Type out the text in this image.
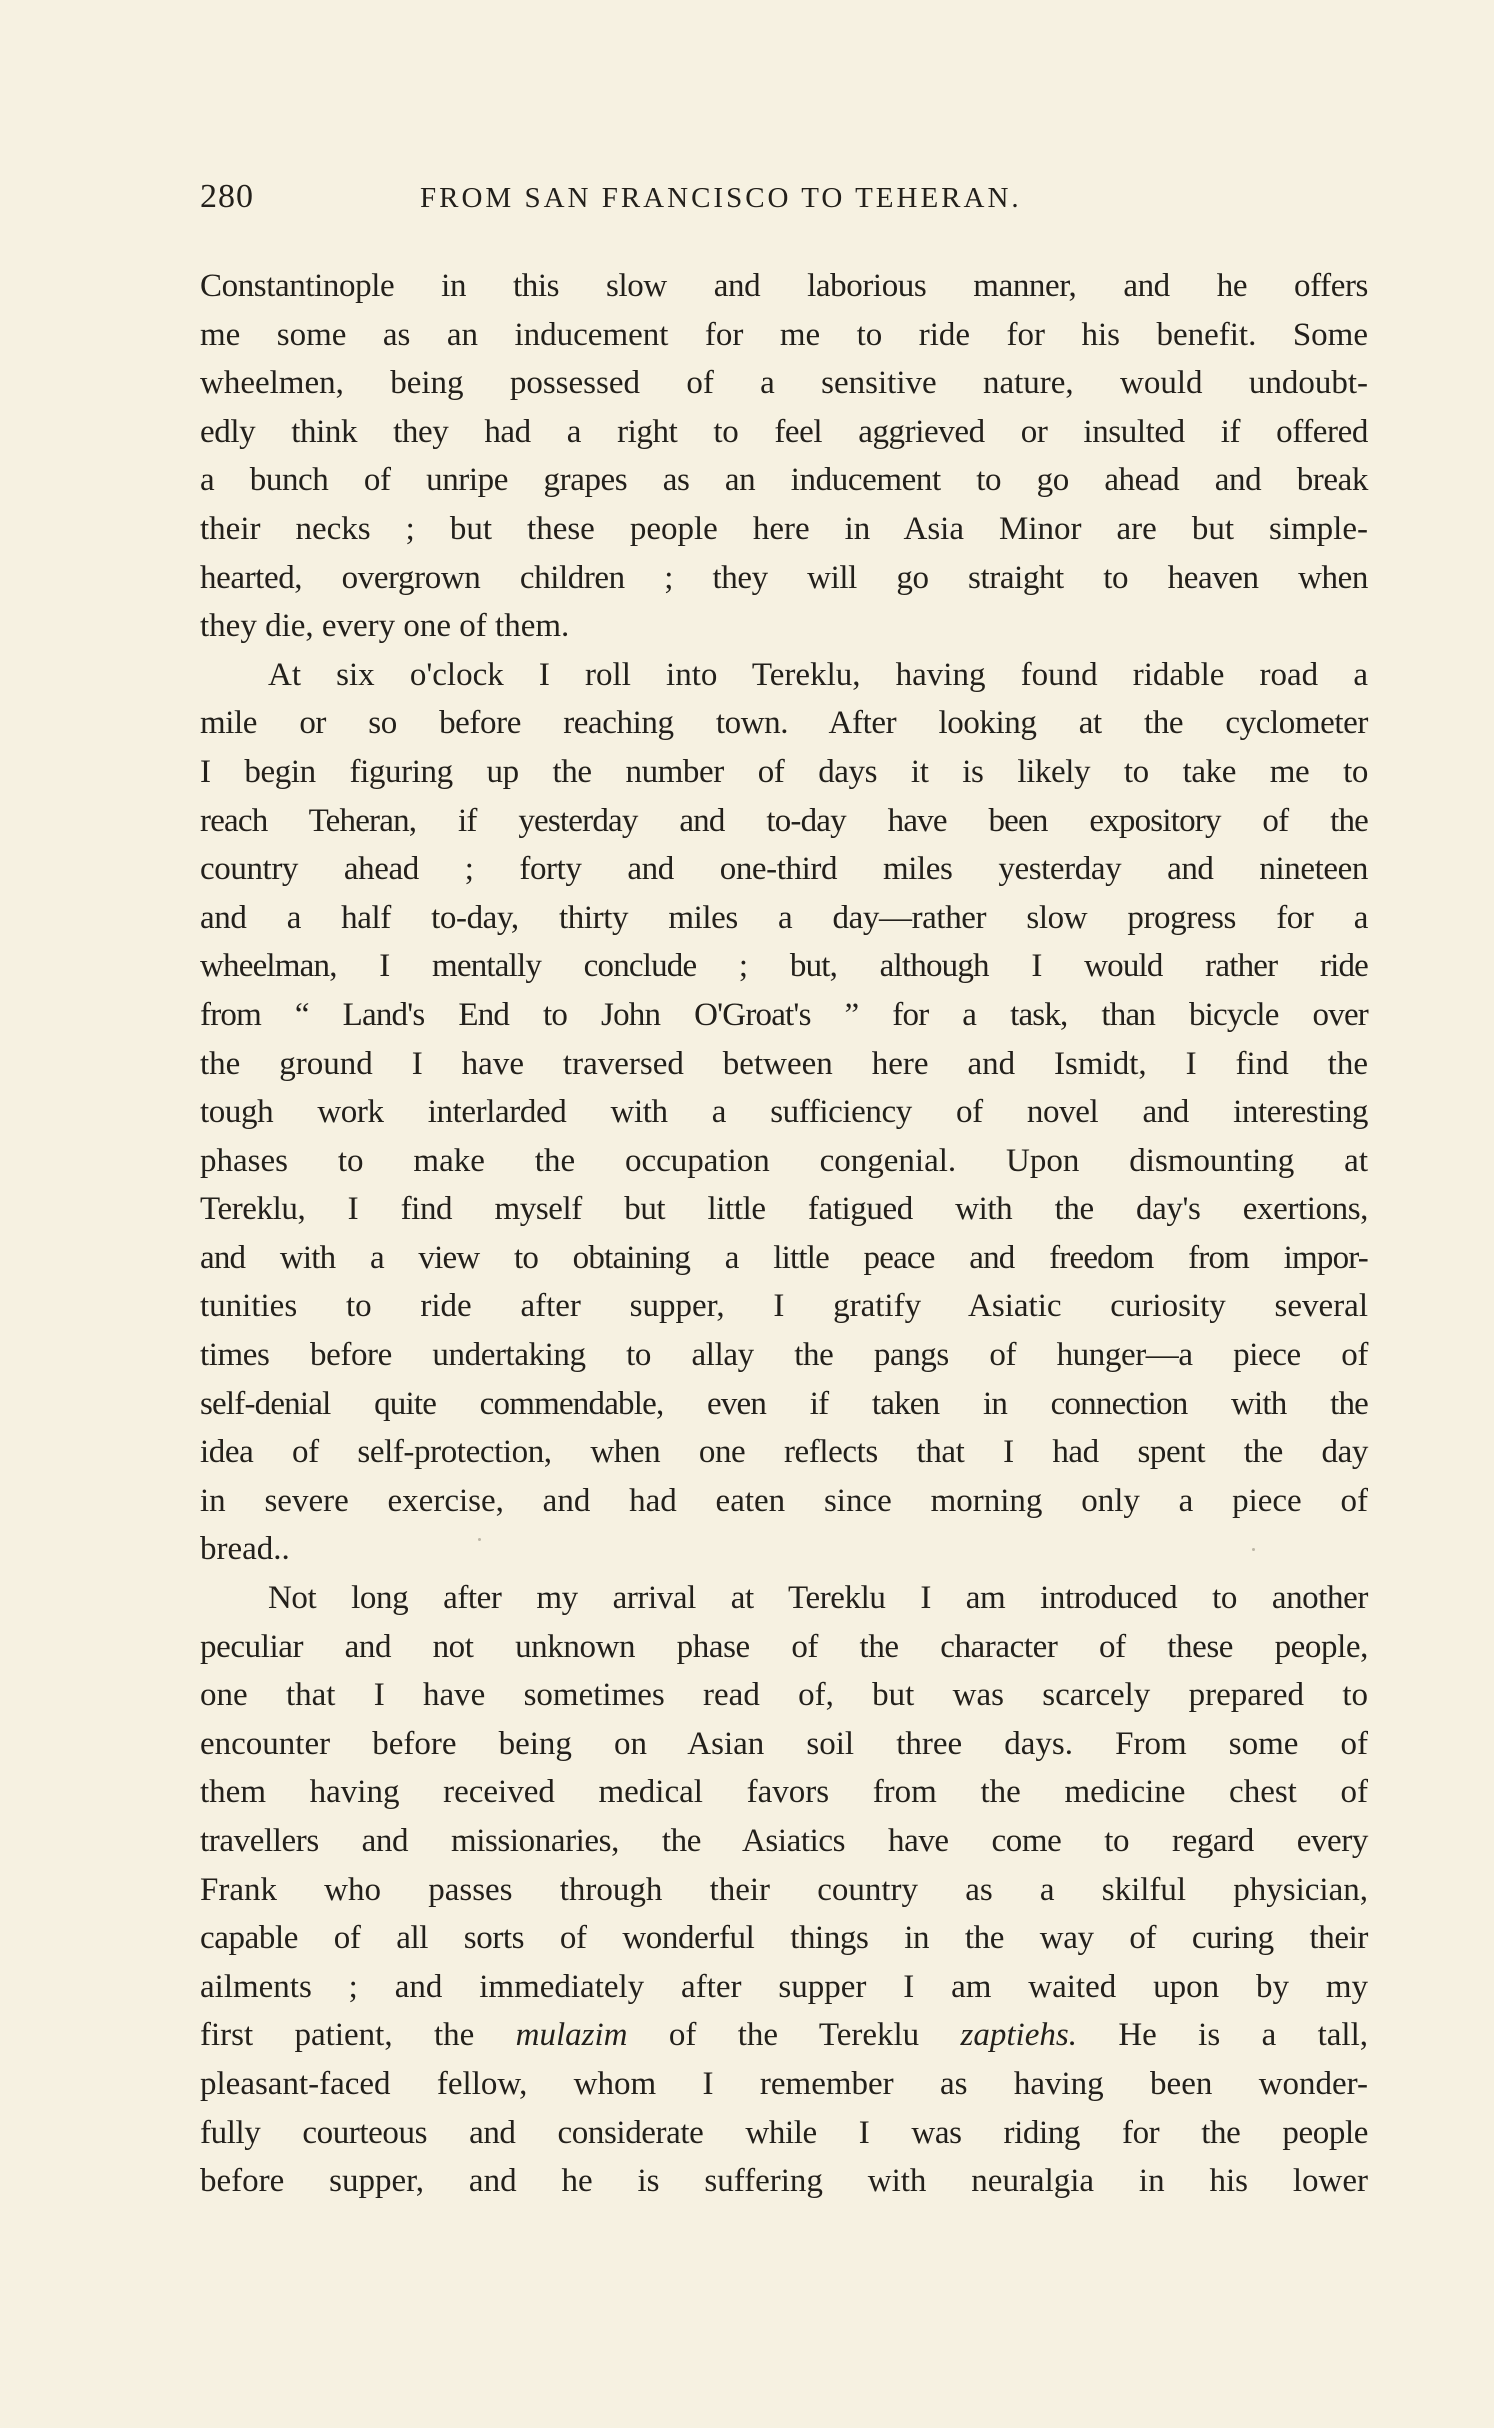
280	FROM SAN FRANCISCO TO TEHERAN.
Constantinople in this slow and laborious manner, and he offers
me some as an inducement for me to ride for his benefit. Some
wheelmen, being possessed of a sensitive nature, would undoubt-
edly think they had a right to feel aggrieved or insulted if offered
a bunch of unripe grapes as an inducement to go ahead and break
their necks ; but these people here in Asia Minor are but simple-
hearted, overgrown children ; they will go straight to heaven when
they die, every one of them.
At six o'clock I roll into Tereklu, having found ridable road a
mile or so before reaching town. After looking at the cyclometer
I begin figuring up the number of days it is likely to take me to
reach Teheran, if yesterday and to-day have been expository of the
country ahead ; forty and one-third miles yesterday and nineteen
and a half to-day, thirty miles a day—rather slow progress for a
wheelman, I mentally conclude ; but, although I would rather ride
from “ Land's End to John O'Groat's ” for a task, than bicycle over
the ground I have traversed between here and Ismidt, I find the
tough work interlarded with a sufficiency of novel and interesting
phases to make the occupation congenial. Upon dismounting at
Tereklu, I find myself but little fatigued with the day's exertions,
and with a view to obtaining a little peace and freedom from impor-
tunities to ride after supper, I gratify Asiatic curiosity several
times before undertaking to allay the pangs of hunger—a piece of
self-denial quite commendable, even if taken in connection with the
idea of self-protection, when one reflects that I had spent the day
in severe exercise, and had eaten since morning only a piece of
bread..
Not long after my arrival at Tereklu I am introduced to another
peculiar and not unknown phase of the character of these people,
one that I have sometimes read of, but was scarcely prepared to
encounter before being on Asian soil three days. From some of
them having received medical favors from the medicine chest of
travellers and missionaries, the Asiatics have come to regard every
Frank who passes through their country as a skilful physician,
capable of all sorts of wonderful things in the way of curing their
ailments ; and immediately after supper I am waited upon by my
first patient, the mulazim of the Tereklu zaptiehs. He is a tall,
pleasant-faced fellow, whom I remember as having been wonder-
fully courteous and considerate while I was riding for the people
before supper, and he is suffering with neuralgia in his lower
